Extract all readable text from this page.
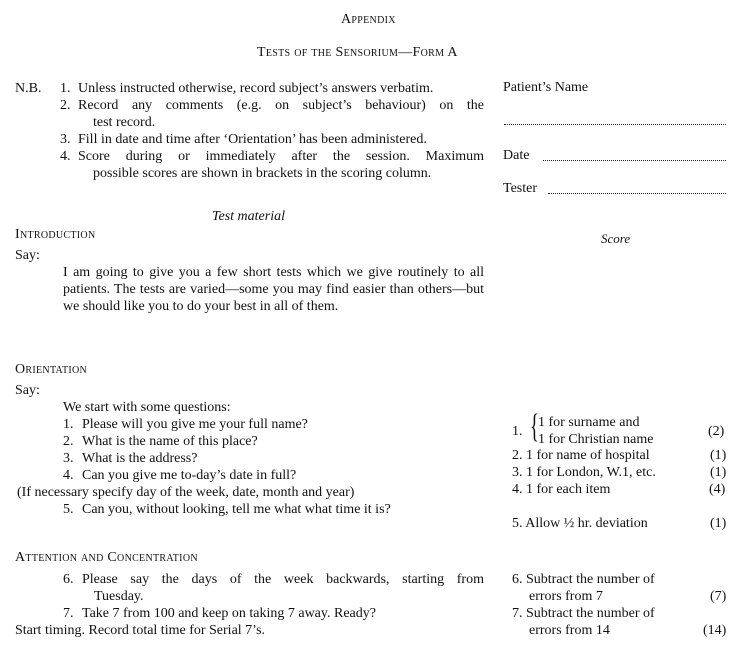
Appendix
Tests of the Sensorium—Form A
N.B. 1. Unless instructed otherwise, record subject’s answers verbatim.
2. Record any comments (e.g. on subject’s behaviour) on the
test record.
3. Fill in date and time after ‘Orientation’ has been administered.
4. Score during or immediately after the session. Maximum
possible scores are shown in brackets in the scoring column.
Patient’s Name
Date
Tester
Test material
Score
Introduction
Say:
I am going to give you a few short tests which we give routinely to all patients. The tests are varied—some you may find easier than others—but we should like you to do your best in all of them.
Orientation
Say:
We start with some questions:
1. Please will you give me your full name?
2. What is the name of this place?
3. What is the address?
4. Can you give me to-day’s date in full?
(If necessary specify day of the week, date, month and year)
5. Can you, without looking, tell me what what time it is?
1. { 1 for surname and
1 for Christian name
(2)
2. 1 for name of hospital	(1)
3. 1 for London, W.1, etc.	(1)
4. 1 for each item	(4)
5. Allow ½ hr. deviation	(1)
Attention and Concentration
6. Please say the days of the week backwards, starting from
Tuesday.
7. Take 7 from 100 and keep on taking 7 away. Ready?
Start timing. Record total time for Serial 7’s.
6. Subtract the number of
errors from 7	(7)
7. Subtract the number of
errors from 14	(14)
